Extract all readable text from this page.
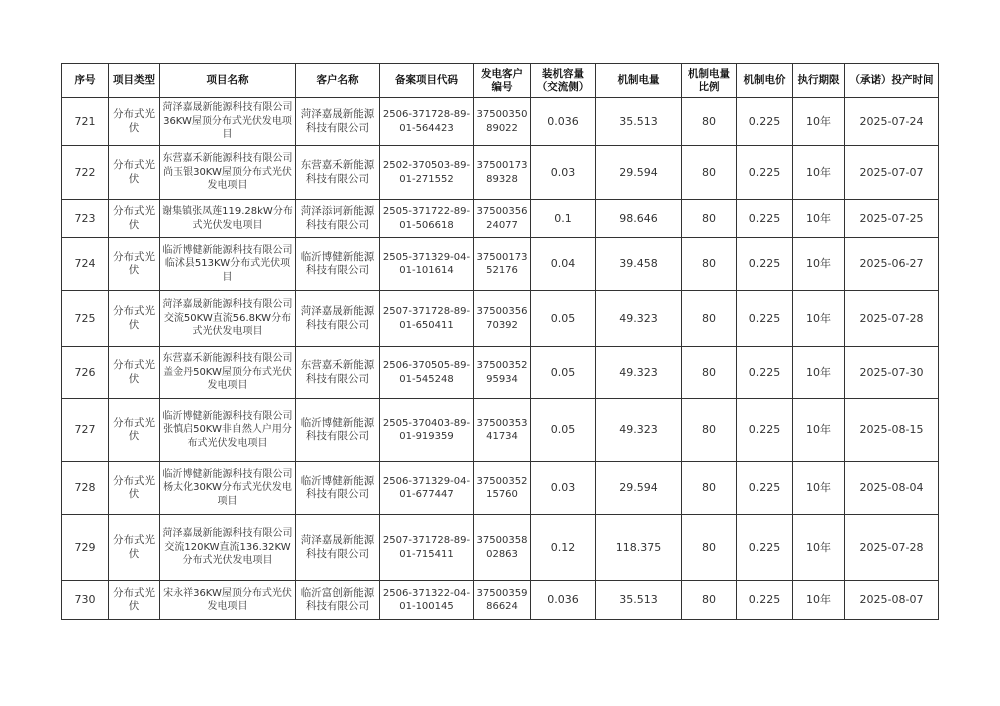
序号	项目类型	项目名称	客户名称	备案项目代码	发电客户编号	装机容量（交流侧）	机制电量	机制电量比例	机制电价	执行期限	（承诺）投产时间
721	分布式光伏	菏泽嘉晟新能源科技有限公司36KW屋顶分布式光伏发电项目	菏泽嘉晟新能源科技有限公司	2506-371728-89-01-564423	3750035089022	0.036	35.513	80	0.225	10年	2025-07-24
722	分布式光伏	东营嘉禾新能源科技有限公司尚玉银30KW屋顶分布式光伏发电项目	东营嘉禾新能源科技有限公司	2502-370503-89-01-271552	3750017389328	0.03	29.594	80	0.225	10年	2025-07-07
723	分布式光伏	谢集镇张凤莲119.28kW分布式光伏发电项目	菏泽添诃新能源科技有限公司	2505-371722-89-01-506618	3750035624077	0.1	98.646	80	0.225	10年	2025-07-25
724	分布式光伏	临沂博健新能源科技有限公司临沭县513KW分布式光伏项目	临沂博健新能源科技有限公司	2505-371329-04-01-101614	3750017352176	0.04	39.458	80	0.225	10年	2025-06-27
725	分布式光伏	菏泽嘉晟新能源科技有限公司交流50KW直流56.8KW分布式光伏发电项目	菏泽嘉晟新能源科技有限公司	2507-371728-89-01-650411	3750035670392	0.05	49.323	80	0.225	10年	2025-07-28
726	分布式光伏	东营嘉禾新能源科技有限公司盖金丹50KW屋顶分布式光伏发电项目	东营嘉禾新能源科技有限公司	2506-370505-89-01-545248	3750035295934	0.05	49.323	80	0.225	10年	2025-07-30
727	分布式光伏	临沂博健新能源科技有限公司张慎启50KW非自然人户用分布式光伏发电项目	临沂博健新能源科技有限公司	2505-370403-89-01-919359	3750035341734	0.05	49.323	80	0.225	10年	2025-08-15
728	分布式光伏	临沂博健新能源科技有限公司杨太化30KW分布式光伏发电项目	临沂博健新能源科技有限公司	2506-371329-04-01-677447	3750035215760	0.03	29.594	80	0.225	10年	2025-08-04
729	分布式光伏	菏泽嘉晟新能源科技有限公司交流120KW直流136.32KW分布式光伏发电项目	菏泽嘉晟新能源科技有限公司	2507-371728-89-01-715411	3750035802863	0.12	118.375	80	0.225	10年	2025-07-28
730	分布式光伏	宋永祥36KW屋顶分布式光伏发电项目	临沂富创新能源科技有限公司	2506-371322-04-01-100145	3750035986624	0.036	35.513	80	0.225	10年	2025-08-07
